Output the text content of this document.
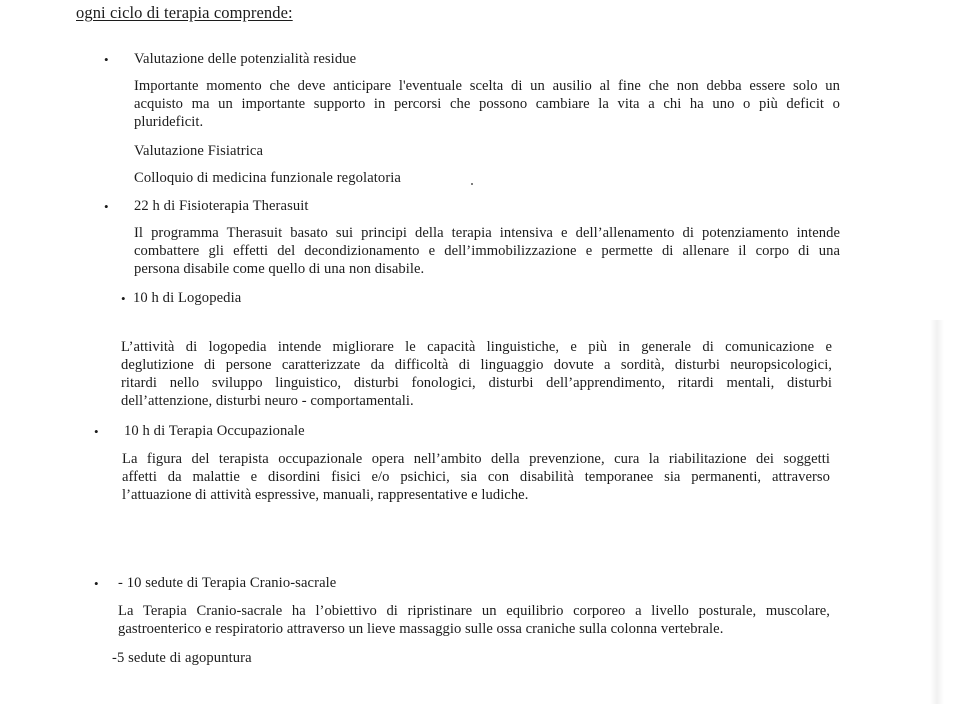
ogni ciclo di terapia comprende:
• Valutazione delle potenzialità residue
Importante momento che deve anticipare l'eventuale scelta di un ausilio al fine che non debba essere solo un
acquisto ma un importante supporto in percorsi che possono cambiare la vita a chi ha uno o più deficit o
plurideficit.
Valutazione Fisiatrica
Colloquio di medicina funzionale regolatoria
• 22 h di Fisioterapia Therasuit
Il programma Therasuit basato sui principi della terapia intensiva e dell’allenamento di potenziamento intende
combattere gli effetti del decondizionamento e dell’immobilizzazione e permette di allenare il corpo di una
persona disabile come quello di una non disabile.
• 10 h di Logopedia
L’attività di logopedia intende migliorare le capacità linguistiche, e più in generale di comunicazione e
deglutizione di persone caratterizzate da difficoltà di linguaggio dovute a sordità, disturbi neuropsicologici,
ritardi nello sviluppo linguistico, disturbi fonologici, disturbi dell’apprendimento, ritardi mentali, disturbi
dell’attenzione, disturbi neuro - comportamentali.
• 10 h di Terapia Occupazionale
La figura del terapista occupazionale opera nell’ambito della prevenzione, cura la riabilitazione dei soggetti
affetti da malattie e disordini fisici e/o psichici, sia con disabilità temporanee sia permanenti, attraverso
l’attuazione di attività espressive, manuali, rappresentative e ludiche.
• - 10 sedute di Terapia Cranio-sacrale
La Terapia Cranio-sacrale ha l’obiettivo di ripristinare un equilibrio corporeo a livello posturale, muscolare,
gastroenterico e respiratorio attraverso un lieve massaggio sulle ossa craniche sulla colonna vertebrale.
-5 sedute di agopuntura
